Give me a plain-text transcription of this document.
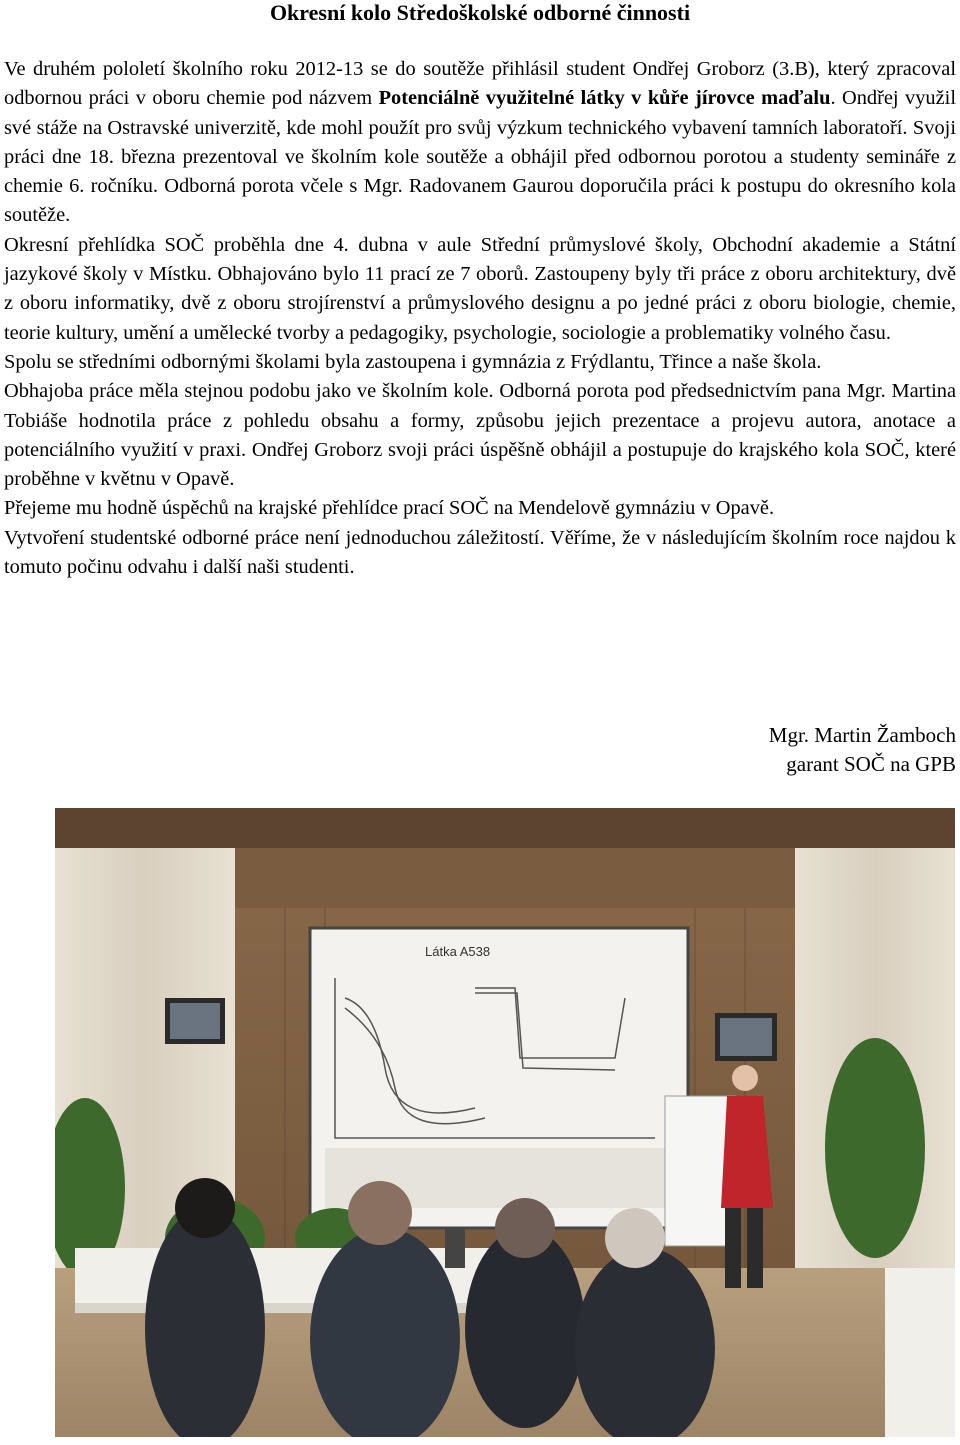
Okresní kolo Středoškolské odborné činnosti

Ve druhém pololetí školního roku 2012-13 se do soutěže přihlásil student Ondřej Groborz (3.B), který zpracoval odbornou práci v oboru chemie pod názvem Potenciálně využitelné látky v kůře jírovce maďalu. Ondřej využil své stáže na Ostravské univerzitě, kde mohl použít pro svůj výzkum technického vybavení tamních laboratoří. Svoji práci dne 18. března prezentoval ve školním kole soutěže a obhájil před odbornou porotou a studenty semináře z chemie 6. ročníku. Odborná porota včele s Mgr. Radovanem Gaurou doporučila práci k postupu do okresního kola soutěže.

Okresní přehlídka SOČ proběhla dne 4. dubna v aule Střední průmyslové školy, Obchodní akademie a Státní jazykové školy v Místku. Obhajováno bylo 11 prací ze 7 oborů. Zastoupeny byly tři práce z oboru architektury, dvě z oboru informatiky, dvě z oboru strojírenství a průmyslového designu a po jedné práci z oboru biologie, chemie, teorie kultury, umění a umělecké tvorby a pedagogiky, psychologie, sociologie a problematiky volného času.

Spolu se středními odbornými školami byla zastoupena i gymnázia z Frýdlantu, Třince a naše škola.

Obhajoba práce měla stejnou podobu jako ve školním kole. Odborná porota pod předsednictvím pana Mgr. Martina Tobiáše hodnotila práce z pohledu obsahu a formy, způsobu jejich prezentace a projevu autora, anotace a potenciálního využití v praxi. Ondřej Groborz svoji práci úspěšně obhájil a postupuje do krajského kola SOČ, které proběhne v květnu v Opavě.

Přejeme mu hodně úspěchů na krajské přehlídce prací SOČ na Mendelově gymnáziu v Opavě.

Vytvoření studentské odborné práce není jednoduchou záležitostí. Věříme, že v následujícím školním roce najdou k tomuto počinu odvahu i další naši studenti.

Mgr. Martin Žamboch
garant SOČ na GPB
Látka A538
